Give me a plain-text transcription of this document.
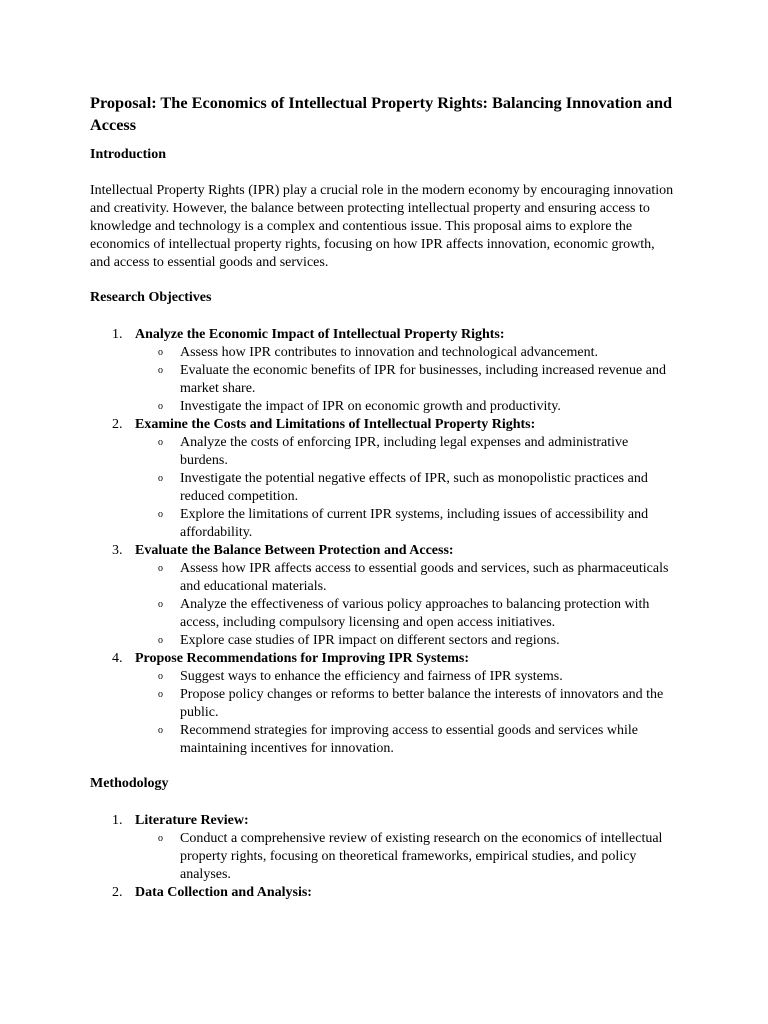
Proposal: The Economics of Intellectual Property Rights: Balancing Innovation and Access
Introduction

Intellectual Property Rights (IPR) play a crucial role in the modern economy by encouraging innovation and creativity. However, the balance between protecting intellectual property and ensuring access to knowledge and technology is a complex and contentious issue. This proposal aims to explore the economics of intellectual property rights, focusing on how IPR affects innovation, economic growth, and access to essential goods and services.

Research Objectives
1. Analyze the Economic Impact of Intellectual Property Rights:
o Assess how IPR contributes to innovation and technological advancement.
o Evaluate the economic benefits of IPR for businesses, including increased revenue and market share.
o Investigate the impact of IPR on economic growth and productivity.
2. Examine the Costs and Limitations of Intellectual Property Rights:
o Analyze the costs of enforcing IPR, including legal expenses and administrative burdens.
o Investigate the potential negative effects of IPR, such as monopolistic practices and reduced competition.
o Explore the limitations of current IPR systems, including issues of accessibility and affordability.
3. Evaluate the Balance Between Protection and Access:
o Assess how IPR affects access to essential goods and services, such as pharmaceuticals and educational materials.
o Analyze the effectiveness of various policy approaches to balancing protection with access, including compulsory licensing and open access initiatives.
o Explore case studies of IPR impact on different sectors and regions.
4. Propose Recommendations for Improving IPR Systems:
o Suggest ways to enhance the efficiency and fairness of IPR systems.
o Propose policy changes or reforms to better balance the interests of innovators and the public.
o Recommend strategies for improving access to essential goods and services while maintaining incentives for innovation.
Methodology
1. Literature Review:
o Conduct a comprehensive review of existing research on the economics of intellectual property rights, focusing on theoretical frameworks, empirical studies, and policy analyses.
2. Data Collection and Analysis:
